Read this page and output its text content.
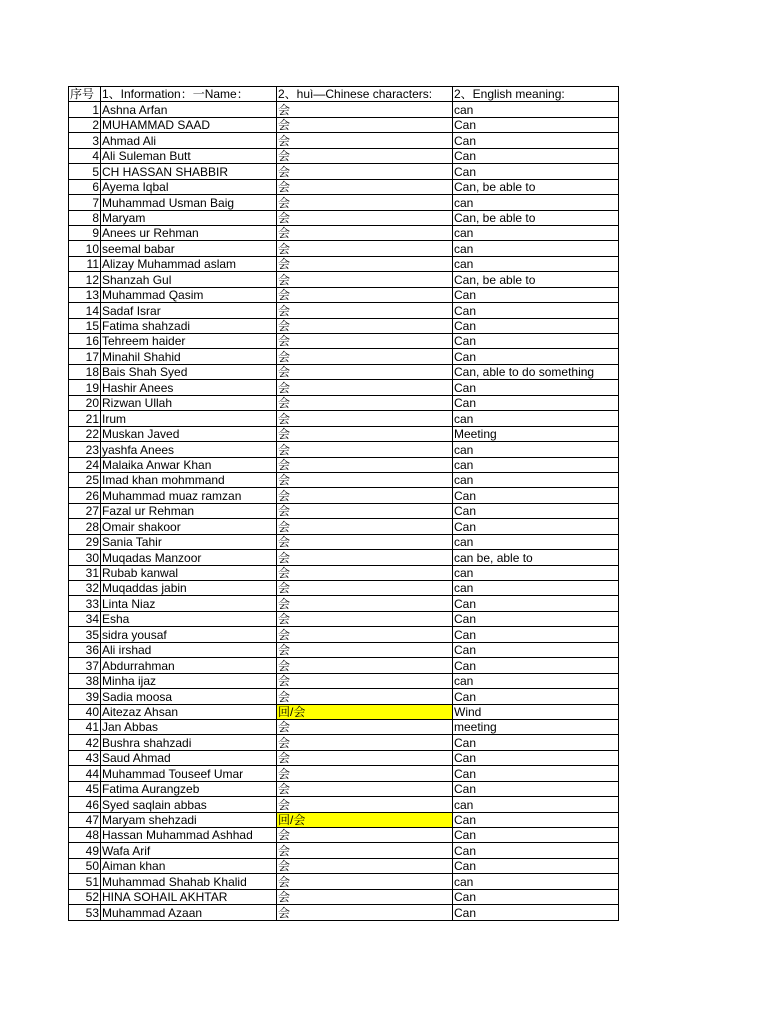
序号	1、Information：一Name：	2、huì—Chinese characters:	2、English meaning:
1	Ashna Arfan	会	can
2	MUHAMMAD SAAD	会	Can
3	Ahmad Ali	会	Can
4	Ali Suleman Butt	会	Can
5	CH HASSAN SHABBIR	会	Can
6	Ayema Iqbal	会	Can, be able to
7	Muhammad Usman Baig	会	can
8	Maryam	会	Can, be able to
9	Anees ur Rehman	会	can
10	seemal babar	会	can
11	Alizay Muhammad aslam	会	can
12	Shanzah Gul	会	Can, be able to
13	Muhammad Qasim	会	Can
14	Sadaf Israr	会	Can
15	Fatima shahzadi	会	Can
16	Tehreem haider	会	Can
17	Minahil Shahid	会	Can
18	Bais Shah Syed	会	Can, able to do something
19	Hashir Anees	会	Can
20	Rizwan Ullah	会	Can
21	Irum	会	can
22	Muskan Javed	会	Meeting
23	yashfa Anees	会	can
24	Malaika Anwar Khan	会	can
25	Imad khan mohmmand	会	can
26	Muhammad muaz ramzan	会	Can
27	Fazal ur Rehman	会	Can
28	Omair shakoor	会	Can
29	Sania Tahir	会	can
30	Muqadas Manzoor	会	can be, able to
31	Rubab kanwal	会	can
32	Muqaddas jabin	会	can
33	Linta Niaz	会	Can
34	Esha	会	Can
35	sidra yousaf	会	Can
36	Ali irshad	会	Can
37	Abdurrahman	会	Can
38	Minha ijaz	会	can
39	Sadia moosa	会	Can
40	Aitezaz Ahsan	回/会	Wind
41	Jan Abbas	会	meeting
42	Bushra shahzadi	会	Can
43	Saud Ahmad	会	Can
44	Muhammad Touseef Umar	会	Can
45	Fatima Aurangzeb	会	Can
46	Syed saqlain abbas	会	can
47	Maryam shehzadi	回/会	Can
48	Hassan Muhammad Ashhad	会	Can
49	Wafa Arif	会	Can
50	Aiman khan	会	Can
51	Muhammad Shahab Khalid	会	can
52	HINA SOHAIL AKHTAR	会	Can
53	Muhammad Azaan	会	Can
